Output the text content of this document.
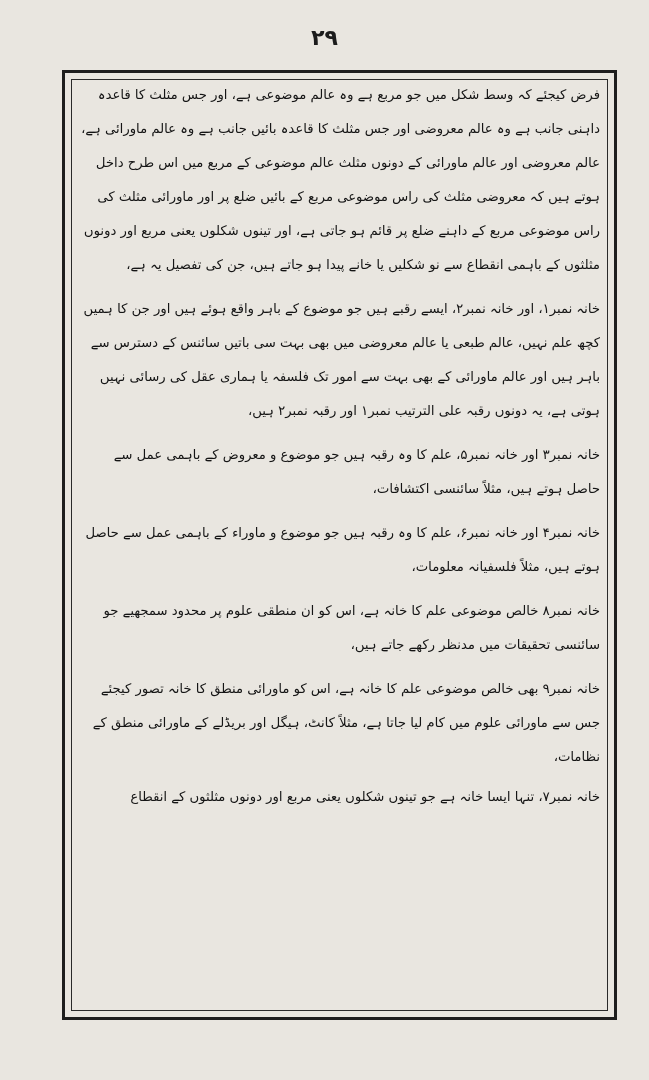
۲۹

فرض کیجئے کہ وسط شکل میں جو مربع ہے وہ عالم موضوعی ہے، اور جس مثلث کا قاعدہ داہنی جانب ہے وہ عالم معروضی اور جس مثلث کا قاعدہ بائیں جانب ہے وہ عالم ماورائی ہے، عالم معروضی اور عالم ماورائی کے دونوں مثلث عالم موضوعی کے مربع میں اس طرح داخل ہوتے ہیں کہ معروضی مثلث کی راس موضوعی مربع کے بائیں ضلع پر اور ماورائی مثلث کی راس موضوعی مربع کے داہنے ضلع پر قائم ہو جاتی ہے، اور تینوں شکلوں یعنی مربع اور دونوں مثلثوں کے باہمی انقطاع سے نو شکلیں یا خانے پیدا ہو جاتے ہیں، جن کی تفصیل یہ ہے،

خانہ نمبر۱، اور خانہ نمبر۲، ایسے رقبے ہیں جو موضوع کے باہر واقع ہوئے ہیں اور جن کا ہمیں کچھ علم نہیں، عالم طبعی یا عالم معروضی میں بھی بہت سی باتیں سائنس کے دسترس سے باہر ہیں اور عالم ماورائی کے بھی بہت سے امور تک فلسفہ یا ہماری عقل کی رسائی نہیں ہوتی ہے، یہ دونوں رقبہ علی الترتیب نمبر۱ اور رقبہ نمبر۲ ہیں،

خانہ نمبر۳ اور خانہ نمبر۵، علم کا وہ رقبہ ہیں جو موضوع و معروض کے باہمی عمل سے حاصل ہوتے ہیں، مثلاً سائنسی اکتشافات،

خانہ نمبر۴ اور خانہ نمبر۶، علم کا وہ رقبہ ہیں جو موضوع و ماوراء کے باہمی عمل سے حاصل ہوتے ہیں، مثلاً فلسفیانہ معلومات،

خانہ نمبر۸ خالص موضوعی علم کا خانہ ہے، اس کو ان منطقی علوم پر محدود سمجھیے جو سائنسی تحقیقات میں مدنظر رکھے جاتے ہیں،

خانہ نمبر۹ بھی خالص موضوعی علم کا خانہ ہے، اس کو ماورائی منطق کا خانہ تصور کیجئے جس سے ماورائی علوم میں کام لیا جاتا ہے، مثلاً کانٹ، ہیگل اور بریڈلے کے ماورائی منطق کے نظامات،

خانہ نمبر۷، تنہا ایسا خانہ ہے جو تینوں شکلوں یعنی مربع اور دونوں مثلثوں کے انقطاع
